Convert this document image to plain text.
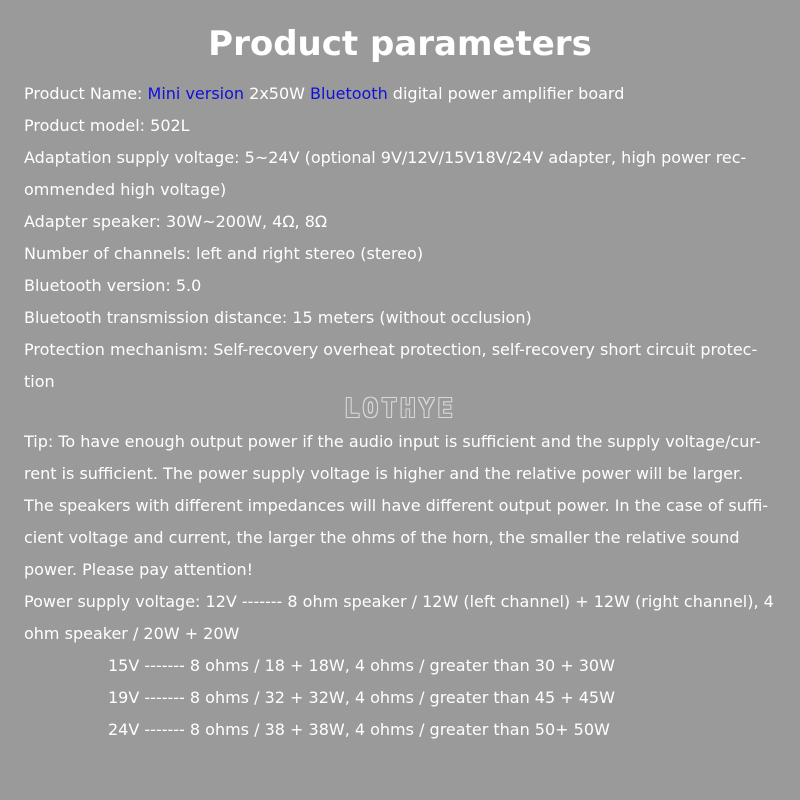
Product parameters
Product Name: Mini version 2x50W Bluetooth digital power amplifier board
Product model: 502L
Adaptation supply voltage: 5~24V (optional 9V/12V/15V18V/24V adapter, high power rec-
ommended high voltage)
Adapter speaker: 30W~200W, 4Ω, 8Ω
Number of channels: left and right stereo (stereo)
Bluetooth version: 5.0
Bluetooth transmission distance: 15 meters (without occlusion)
Protection mechanism: Self-recovery overheat protection, self-recovery short circuit protec-
tion
LOTHYE
Tip: To have enough output power if the audio input is sufficient and the supply voltage/cur-
rent is sufficient. The power supply voltage is higher and the relative power will be larger.
The speakers with different impedances will have different output power. In the case of suffi-
cient voltage and current, the larger the ohms of the horn, the smaller the relative sound
power. Please pay attention!
Power supply voltage: 12V ------- 8 ohm speaker / 12W (left channel) + 12W (right channel), 4
ohm speaker / 20W + 20W
15V ------- 8 ohms / 18 + 18W, 4 ohms / greater than 30 + 30W
19V ------- 8 ohms / 32 + 32W, 4 ohms / greater than 45 + 45W
24V ------- 8 ohms / 38 + 38W, 4 ohms / greater than 50+ 50W
